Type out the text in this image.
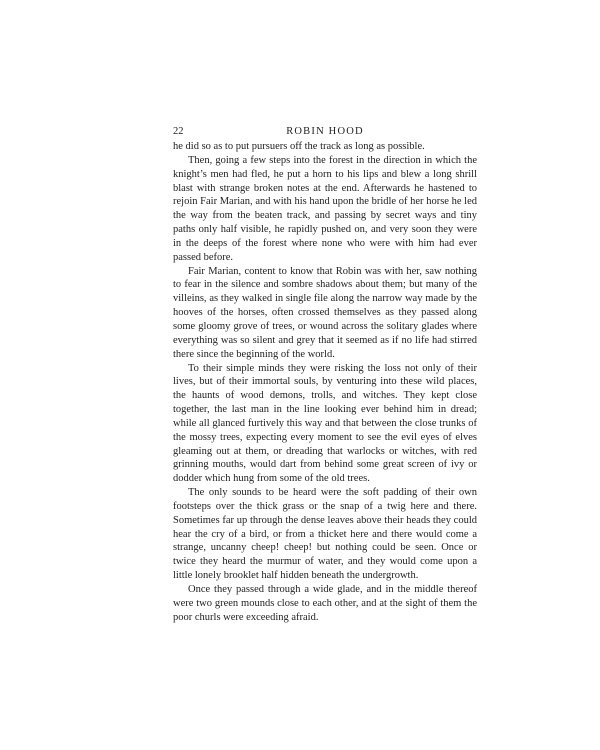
22	ROBIN HOOD

he did so as to put pursuers off the track as long as possible.

Then, going a few steps into the forest in the direction in which the knight’s men had fled, he put a horn to his lips and blew a long shrill blast with strange broken notes at the end. Afterwards he hastened to rejoin Fair Marian, and with his hand upon the bridle of her horse he led the way from the beaten track, and passing by secret ways and tiny paths only half visible, he rapidly pushed on, and very soon they were in the deeps of the forest where none who were with him had ever passed before.

Fair Marian, content to know that Robin was with her, saw nothing to fear in the silence and sombre shadows about them; but many of the villeins, as they walked in single file along the narrow way made by the hooves of the horses, often crossed themselves as they passed along some gloomy grove of trees, or wound across the solitary glades where everything was so silent and grey that it seemed as if no life had stirred there since the beginning of the world.

To their simple minds they were risking the loss not only of their lives, but of their immortal souls, by venturing into these wild places, the haunts of wood demons, trolls, and witches. They kept close together, the last man in the line looking ever behind him in dread; while all glanced furtively this way and that between the close trunks of the mossy trees, expecting every moment to see the evil eyes of elves gleaming out at them, or dreading that warlocks or witches, with red grinning mouths, would dart from behind some great screen of ivy or dodder which hung from some of the old trees.

The only sounds to be heard were the soft padding of their own footsteps over the thick grass or the snap of a twig here and there. Sometimes far up through the dense leaves above their heads they could hear the cry of a bird, or from a thicket here and there would come a strange, uncanny cheep! cheep! but nothing could be seen. Once or twice they heard the murmur of water, and they would come upon a little lonely brooklet half hidden beneath the undergrowth.

Once they passed through a wide glade, and in the middle thereof were two green mounds close to each other, and at the sight of them the poor churls were exceeding afraid.
